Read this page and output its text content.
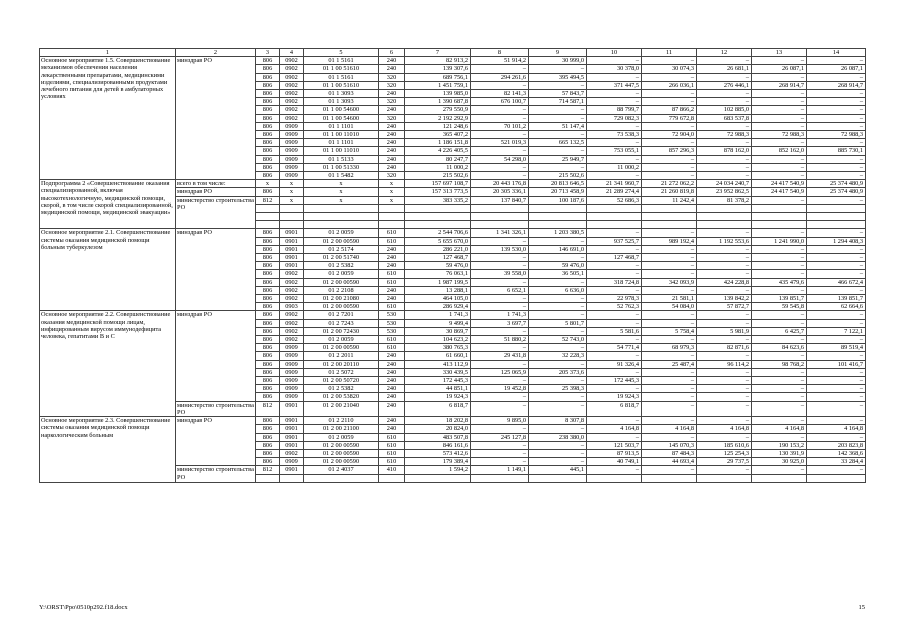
1	2	3	4	5	6	7	8	9	10	11	12	13	14
Основное мероприятие 1.5. Совершенствование механизмов обеспечения населения лекарственными препаратами, медицинскими изделиями, специализированными продуктами лечебного питания для детей в амбулаторных условиях	минздрав РО	806	0902	01 1 5161	240	82 913,2	51 914,2	30 999,0	–	–	–	–	–
		806	0902	01 1 00 51610	240	139 307,6	–	–	30 378,0	30 074,3	26 681,1	26 087,1	26 087,1
		806	0902	01 1 5161	320	689 756,1	294 261,6	395 494,5	–	–	–	–	–
		806	0902	01 1 00 51610	320	1 451 759,1	–	–	371 447,5	266 036,1	276 446,1	268 914,7	268 914,7
		806	0902	01 1 3093	240	139 985,0	82 141,3	57 843,7	–	–	–	–	–
		806	0902	01 1 3093	320	1 390 687,8	676 100,7	714 587,1	–	–	–	–	–
		806	0902	01 1 00 54600	240	279 550,9	–	–	88 799,7	87 866,2	102 885,0	–	–
		806	0902	01 1 00 54600	320	2 192 292,9	–	–	729 082,3	779 672,8	683 537,8	–	–
		806	0909	01 1 1101	240	121 248,6	70 101,2	51 147,4	–	–	–	–	–
		806	0909	01 1 00 11010	240	365 407,2	–	–	73 538,3	72 904,0	72 988,3	72 988,3	72 988,3
		806	0909	01 1 1101	240	1 186 151,8	521 019,3	665 132,5	–	–	–	–	–
		806	0909	01 1 00 11010	240	4 226 405,5	–	–	753 055,1	857 296,3	878 162,0	852 162,0	885 730,1
		806	0909	01 1 5133	240	80 247,7	54 298,0	25 949,7	–	–	–	–	–
		806	0909	01 1 00 51330	240	11 000,2	–	–	11 000,2	–	–	–	–
		806	0909	01 1 5482	320	215 502,6	–	215 502,6	–	–	–	–	–
Подпрограмма 2 «Совершенствование оказания специализированной, включая высокотехнологичную, медицинской помощи, скорой, в том числе скорой специализированной, медицинской помощи, медицинской эвакуации»	всего в том числе:	x	x	x	x	157 697 108,7	20 443 176,8	20 813 646,5	21 341 960,7	21 272 062,2	24 034 240,7	24 417 540,9	25 374 480,9
	минздрав РО	806	x	x	x	157 313 773,5	20 305 336,1	20 713 458,9	21 289 274,4	21 260 819,8	23 952 862,5	24 417 540,9	25 374 480,9
	министерство строительства РО	812	x	x	x	383 335,2	137 840,7	100 187,6	52 686,3	11 242,4	81 378,2	–	–

Основное мероприятие 2.1. Совершенствование системы оказания медицинской помощи больным туберкулезом	минздрав РО	806	0901	01 2 0059	610	2 544 706,6	1 341 326,1	1 203 380,5	–	–	–	–	–
		806	0901	01 2 00 00590	610	5 655 670,0	–	–	937 525,7	989 192,4	1 192 553,6	1 241 990,0	1 294 408,3
		806	0901	01 2 5174	240	286 221,0	139 530,0	146 691,0	–	–	–	–	–
		806	0901	01 2 00 51740	240	127 468,7	–	–	127 468,7	–	–	–	–
		806	0901	01 2 5382	240	59 476,0	–	59 476,0	–	–	–	–	–
		806	0902	01 2 0059	610	76 063,1	39 558,0	36 505,1	–	–	–	–	–
		806	0902	01 2 00 00590	610	1 987 199,5	–	–	318 724,8	342 093,9	424 228,8	435 479,6	466 672,4
		806	0902	01 2 2108	240	13 288,1	6 652,1	6 636,0	–	–	–	–	–
		806	0902	01 2 00 21080	240	464 105,0	–	–	22 978,3	21 581,1	139 842,2	139 851,7	139 851,7
		806	0903	01 2 00 00590	610	286 929,4	–	–	52 762,3	54 084,0	57 872,7	59 545,8	62 664,6
Основное мероприятие 2.2. Совершенствование оказания медицинской помощи лицам, инфицированным вирусом иммунодефицита человека, гепатитами B и C	минздрав РО	806	0902	01 2 7201	530	1 741,3	1 741,3	–	–	–	–	–	–
		806	0902	01 2 7243	530	9 499,4	3 697,7	5 801,7	–	–	–	–	–
		806	0902	01 2 00 72430	530	30 869,7	–	–	5 581,6	5 758,4	5 981,9	6 425,7	7 122,1
		806	0902	01 2 0059	610	104 623,2	51 880,2	52 743,0	–	–	–	–	–
		806	0909	01 2 00 00590	610	380 765,3	–	–	54 771,4	68 979,3	82 871,6	84 623,6	89 519,4
		806	0909	01 2 2011	240	61 660,1	29 431,8	32 228,3	–	–	–	–	–
		806	0909	01 2 00 20110	240	413 112,9	–	–	91 326,4	25 487,4	96 114,2	98 768,2	101 416,7
		806	0909	01 2 5072	240	330 439,5	125 065,9	205 373,6	–	–	–	–	–
		806	0909	01 2 00 50720	240	172 445,3	–	–	172 445,3	–	–	–	–
		806	0909	01 2 5382	240	44 851,1	19 452,8	25 398,3	–	–	–	–	–
		806	0909	01 2 00 53820	240	19 924,3	–	–	19 924,3	–	–	–	–
	министерство строительства РО	812	0901	01 2 00 21040	240	6 818,7	–	–	6 818,7	–	–	–	–
Основное мероприятие 2.3. Совершенствование системы оказания медицинской помощи наркологическим больным	минздрав РО	806	0901	01 2 2110	240	18 202,8	9 895,0	8 307,8	–	–	–	–	–
		806	0901	01 2 00 21100	240	20 824,0	–	–	4 164,8	4 164,8	4 164,8	4 164,8	4 164,8
		806	0901	01 2 0059	610	483 507,8	245 127,8	238 380,0	–	–	–	–	–
		806	0901	01 2 00 00590	610	846 161,6	–	–	121 503,7	145 070,3	185 610,6	190 153,2	203 823,8
		806	0902	01 2 00 00590	610	573 412,6	–	–	87 913,5	87 484,3	125 254,3	130 391,9	142 368,6
		806	0909	01 2 00 00590	610	179 389,4	–	–	40 749,1	44 693,4	29 737,5	30 925,0	33 284,4
	министерство строительства РО	812	0901	01 2 4037	410	1 594,2	1 149,1	445,1	–	–	–	–	–

Y:\ORST\Ppo\0510p292.f18.docx	15
